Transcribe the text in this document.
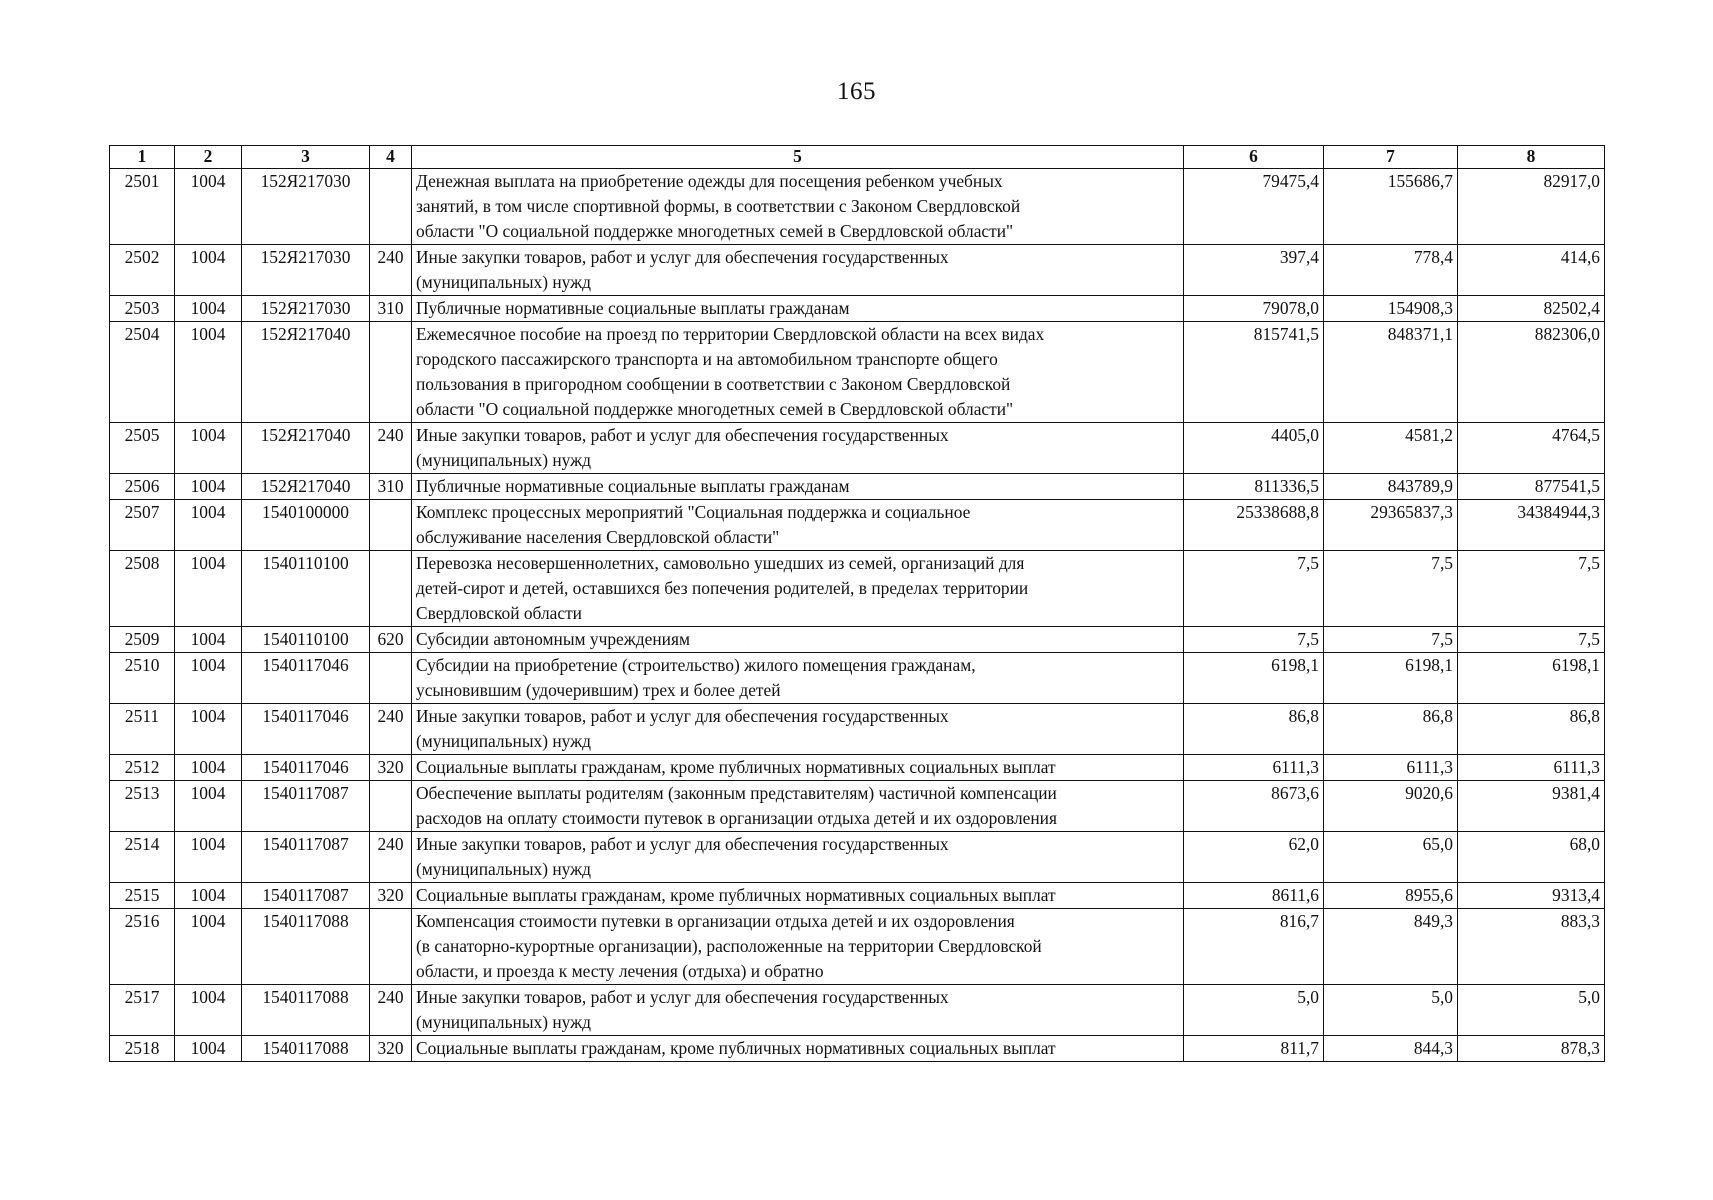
165
1	2	3	4	5	6	7	8
2501	1004	152Я217030		Денежная выплата на приобретение одежды для посещения ребенком учебных
занятий, в том числе спортивной формы, в соответствии с Законом Свердловской
области "О социальной поддержке многодетных семей в Свердловской области"	79475,4	155686,7	82917,0
2502	1004	152Я217030	240	Иные закупки товаров, работ и услуг для обеспечения государственных
(муниципальных) нужд	397,4	778,4	414,6
2503	1004	152Я217030	310	Публичные нормативные социальные выплаты гражданам	79078,0	154908,3	82502,4
2504	1004	152Я217040		Ежемесячное пособие на проезд по территории Свердловской области на всех видах
городского пассажирского транспорта и на автомобильном транспорте общего
пользования в пригородном сообщении в соответствии с Законом Свердловской
области "О социальной поддержке многодетных семей в Свердловской области"	815741,5	848371,1	882306,0
2505	1004	152Я217040	240	Иные закупки товаров, работ и услуг для обеспечения государственных
(муниципальных) нужд	4405,0	4581,2	4764,5
2506	1004	152Я217040	310	Публичные нормативные социальные выплаты гражданам	811336,5	843789,9	877541,5
2507	1004	1540100000		Комплекс процессных мероприятий "Социальная поддержка и социальное
обслуживание населения Свердловской области"	25338688,8	29365837,3	34384944,3
2508	1004	1540110100		Перевозка несовершеннолетних, самовольно ушедших из семей, организаций для
детей-сирот и детей, оставшихся без попечения родителей, в пределах территории
Свердловской области	7,5	7,5	7,5
2509	1004	1540110100	620	Субсидии автономным учреждениям	7,5	7,5	7,5
2510	1004	1540117046		Субсидии на приобретение (строительство) жилого помещения гражданам,
усыновившим (удочерившим) трех и более детей	6198,1	6198,1	6198,1
2511	1004	1540117046	240	Иные закупки товаров, работ и услуг для обеспечения государственных
(муниципальных) нужд	86,8	86,8	86,8
2512	1004	1540117046	320	Социальные выплаты гражданам, кроме публичных нормативных социальных выплат	6111,3	6111,3	6111,3
2513	1004	1540117087		Обеспечение выплаты родителям (законным представителям) частичной компенсации
расходов на оплату стоимости путевок в организации отдыха детей и их оздоровления	8673,6	9020,6	9381,4
2514	1004	1540117087	240	Иные закупки товаров, работ и услуг для обеспечения государственных
(муниципальных) нужд	62,0	65,0	68,0
2515	1004	1540117087	320	Социальные выплаты гражданам, кроме публичных нормативных социальных выплат	8611,6	8955,6	9313,4
2516	1004	1540117088		Компенсация стоимости путевки в организации отдыха детей и их оздоровления
(в санаторно-курортные организации), расположенные на территории Свердловской
области, и проезда к месту лечения (отдыха) и обратно	816,7	849,3	883,3
2517	1004	1540117088	240	Иные закупки товаров, работ и услуг для обеспечения государственных
(муниципальных) нужд	5,0	5,0	5,0
2518	1004	1540117088	320	Социальные выплаты гражданам, кроме публичных нормативных социальных выплат	811,7	844,3	878,3
